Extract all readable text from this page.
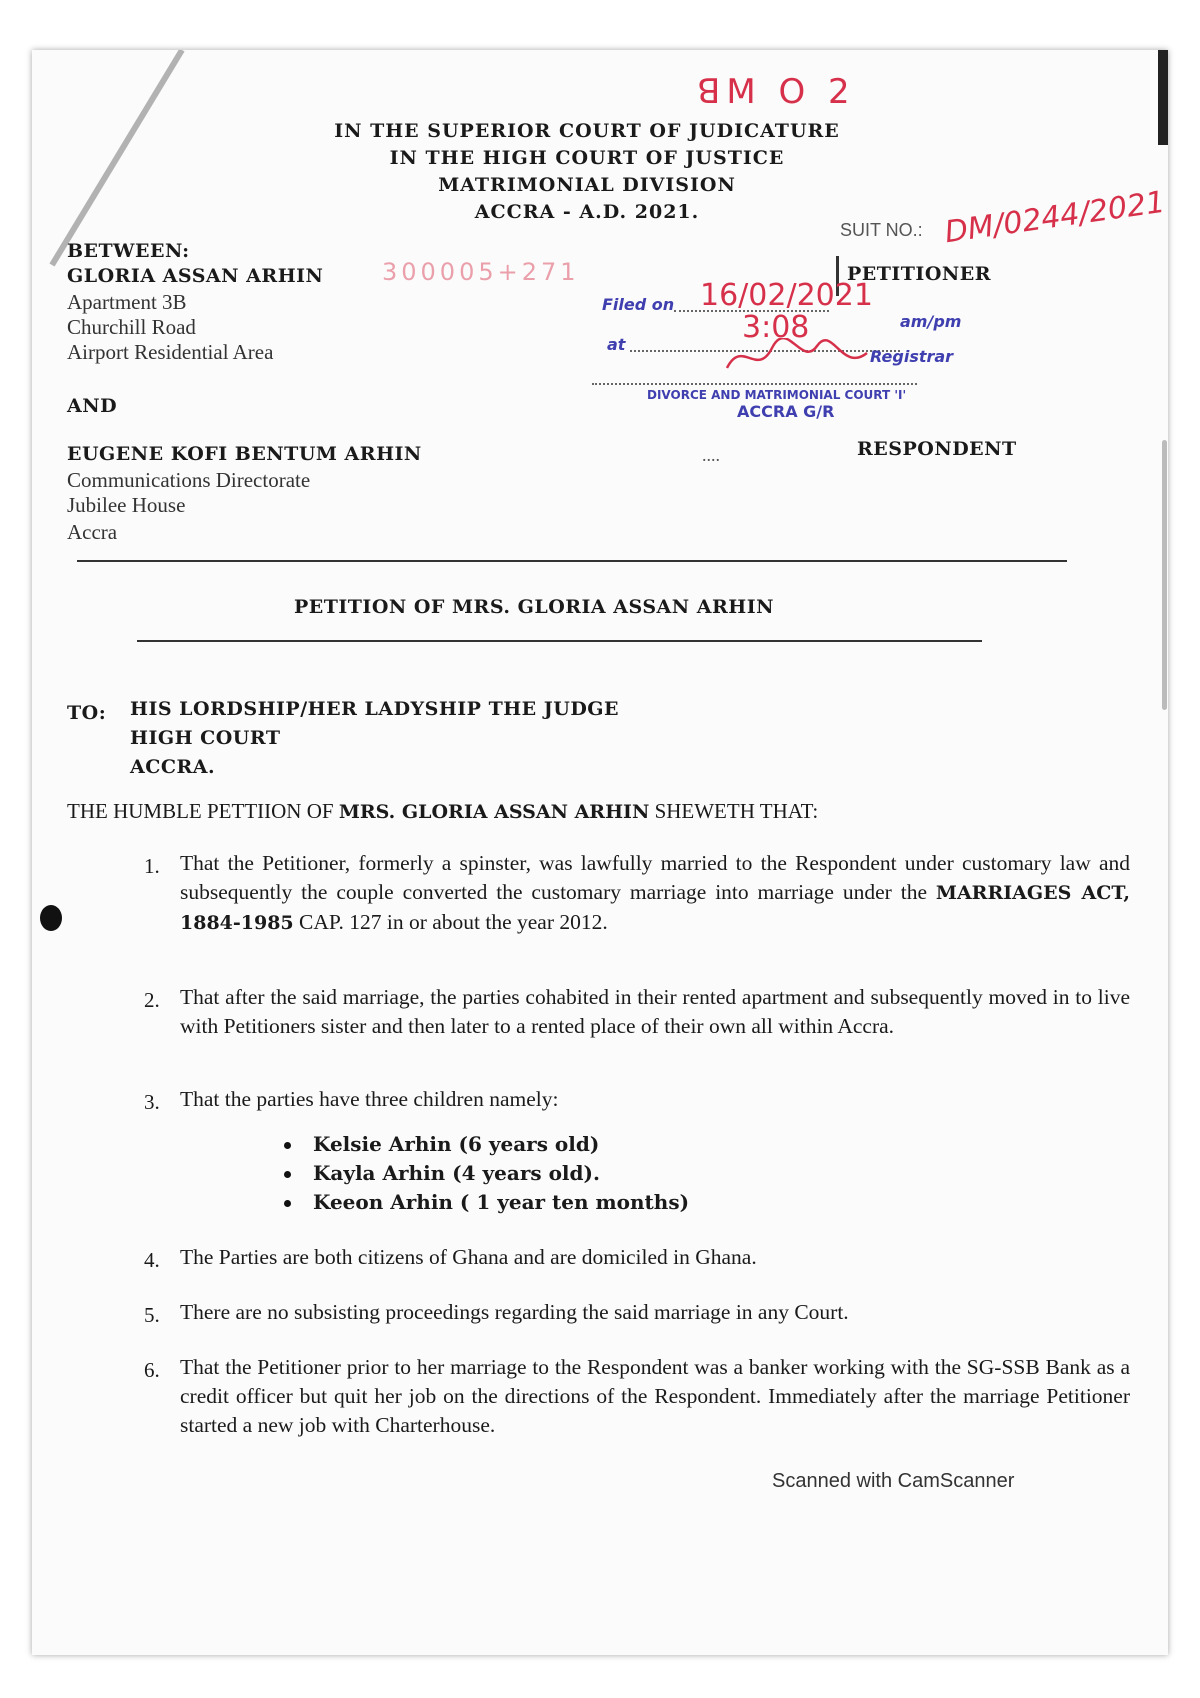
ꓭM O 2
IN THE SUPERIOR COURT OF JUDICATURE
IN THE HIGH COURT OF JUSTICE
MATRIMONIAL DIVISION
ACCRA - A.D. 2021.
SUIT NO.: DM/0244/2021
BETWEEN:
GLORIA ASSAN ARHIN
Apartment 3B
Churchill Road
Airport Residential Area
300005+271	PETITIONER
Filed on 16/02/2021
at	3:08	am/pm
Registrar
DIVORCE AND MATRIMONIAL COURT 'I'
ACCRA G/R
AND
EUGENE KOFI BENTUM ARHIN
Communications Directorate
Jubilee House
Accra
....	RESPONDENT
PETITION OF MRS. GLORIA ASSAN ARHIN
TO: HIS LORDSHIP/HER LADYSHIP THE JUDGE
HIGH COURT
ACCRA.
THE HUMBLE PETTIION OF MRS. GLORIA ASSAN ARHIN SHEWETH THAT:
1. That the Petitioner, formerly a spinster, was lawfully married to the Respondent under customary law and subsequently the couple converted the customary marriage into marriage under the MARRIAGES ACT, 1884-1985 CAP. 127 in or about the year 2012.
2. That after the said marriage, the parties cohabited in their rented apartment and subsequently moved in to live with Petitioners sister and then later to a rented place of their own all within Accra.
3. That the parties have three children namely:
Kelsie Arhin (6 years old)
Kayla Arhin (4 years old).
Keeon Arhin ( 1 year ten months)
4. The Parties are both citizens of Ghana and are domiciled in Ghana.
5. There are no subsisting proceedings regarding the said marriage in any Court.
6. That the Petitioner prior to her marriage to the Respondent was a banker working with the SG-SSB Bank as a credit officer but quit her job on the directions of the Respondent. Immediately after the marriage Petitioner started a new job with Charterhouse.
Scanned with CamScanner
